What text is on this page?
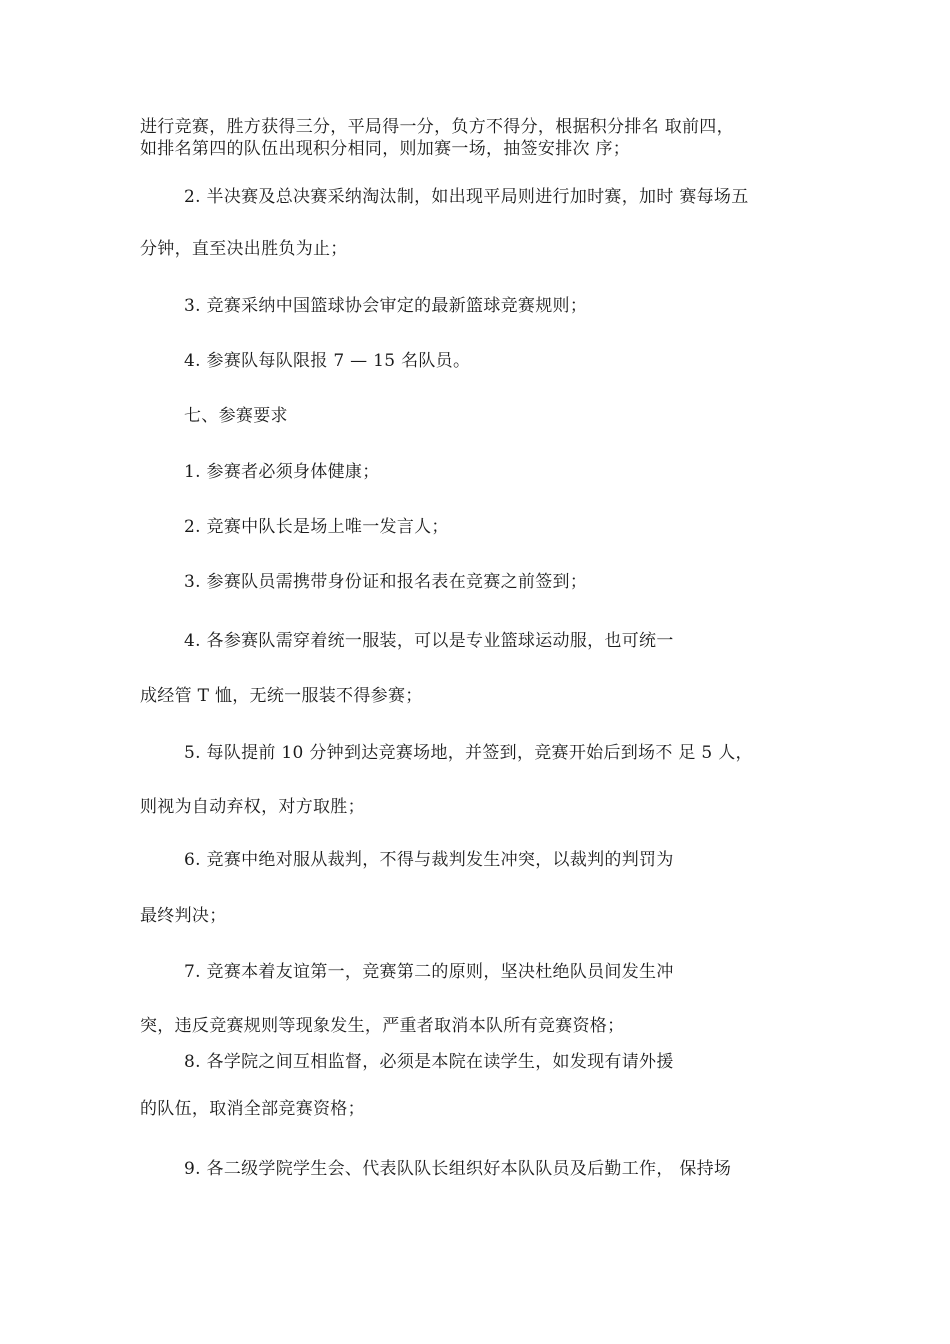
进行竞赛，胜方获得三分，平局得一分，负方不得分，根据积分排名 取前四，
如排名第四的队伍出现积分相同，则加赛一场，抽签安排次 序；
2. 半决赛及总决赛采纳淘汰制，如出现平局则进行加时赛，加时 赛每场五
分钟，直至决出胜负为止；
3. 竞赛采纳中国篮球协会审定的最新篮球竞赛规则；
4. 参赛队每队限报 7 — 15 名队员。
七、参赛要求
1. 参赛者必须身体健康；
2. 竞赛中队长是场上唯一发言人；
3. 参赛队员需携带身份证和报名表在竞赛之前签到；
4. 各参赛队需穿着统一服装，可以是专业篮球运动服，也可统一
成经管 T 恤，无统一服装不得参赛；
5. 每队提前 10 分钟到达竞赛场地，并签到，竞赛开始后到场不 足 5 人，
则视为自动弃权，对方取胜；
6. 竞赛中绝对服从裁判，不得与裁判发生冲突，以裁判的判罚为
最终判决；
7. 竞赛本着友谊第一，竞赛第二的原则，坚决杜绝队员间发生冲
突，违反竞赛规则等现象发生，严重者取消本队所有竞赛资格；
8. 各学院之间互相监督，必须是本院在读学生，如发现有请外援
的队伍，取消全部竞赛资格；
9. 各二级学院学生会、代表队队长组织好本队队员及后勤工作， 保持场
